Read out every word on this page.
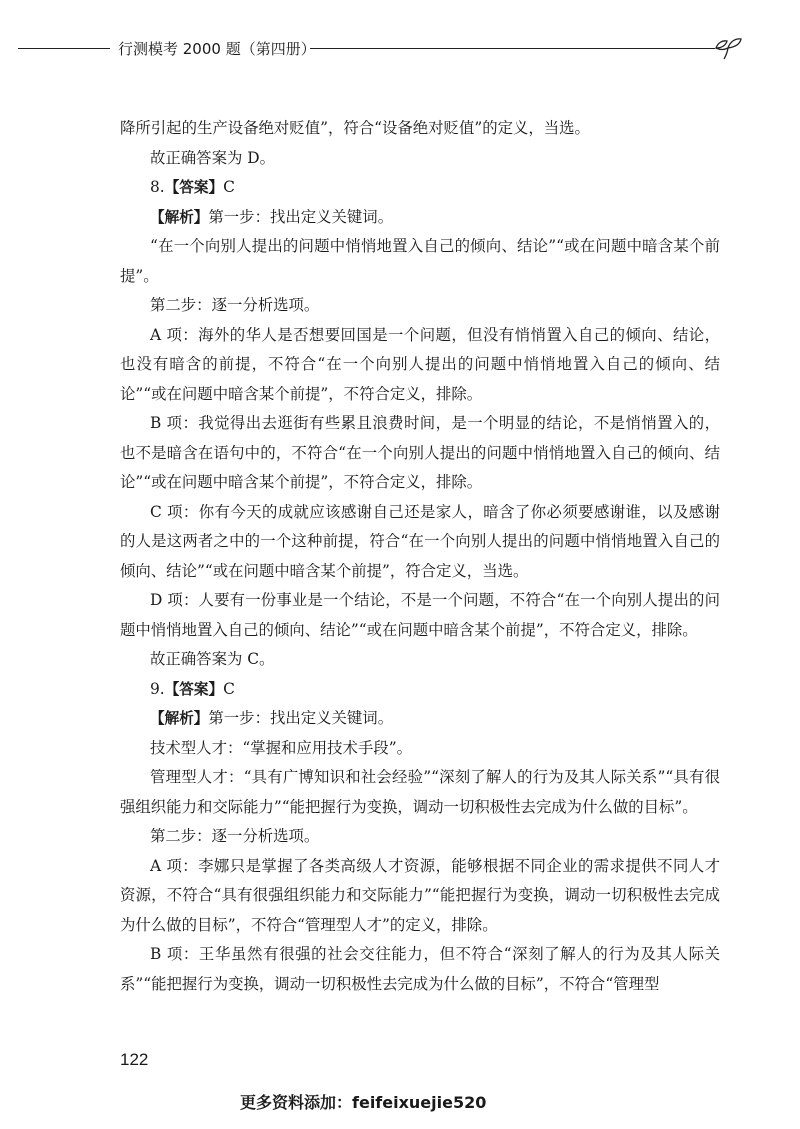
行测模考 2000 题（第四册）

降所引起的生产设备绝对贬值”，符合“设备绝对贬值”的定义，当选。

故正确答案为 D。

8.【答案】C

【解析】第一步：找出定义关键词。

“在一个向别人提出的问题中悄悄地置入自己的倾向、结论”“或在问题中暗含某个前提”。

第二步：逐一分析选项。

A 项：海外的华人是否想要回国是一个问题，但没有悄悄置入自己的倾向、结论，也没有暗含的前提，不符合“在一个向别人提出的问题中悄悄地置入自己的倾向、结论”“或在问题中暗含某个前提”，不符合定义，排除。

B 项：我觉得出去逛街有些累且浪费时间，是一个明显的结论，不是悄悄置入的，也不是暗含在语句中的，不符合“在一个向别人提出的问题中悄悄地置入自己的倾向、结论”“或在问题中暗含某个前提”，不符合定义，排除。

C 项：你有今天的成就应该感谢自己还是家人，暗含了你必须要感谢谁，以及感谢的人是这两者之中的一个这种前提，符合“在一个向别人提出的问题中悄悄地置入自己的倾向、结论”“或在问题中暗含某个前提”，符合定义，当选。

D 项：人要有一份事业是一个结论，不是一个问题，不符合“在一个向别人提出的问题中悄悄地置入自己的倾向、结论”“或在问题中暗含某个前提”，不符合定义，排除。

故正确答案为 C。

9.【答案】C

【解析】第一步：找出定义关键词。

技术型人才：“掌握和应用技术手段”。

管理型人才：“具有广博知识和社会经验”“深刻了解人的行为及其人际关系”“具有很强组织能力和交际能力”“能把握行为变换，调动一切积极性去完成为什么做的目标”。

第二步：逐一分析选项。

A 项：李娜只是掌握了各类高级人才资源，能够根据不同企业的需求提供不同人才资源，不符合“具有很强组织能力和交际能力”“能把握行为变换，调动一切积极性去完成为什么做的目标”，不符合“管理型人才”的定义，排除。

B 项：王华虽然有很强的社会交往能力，但不符合“深刻了解人的行为及其人际关系”“能把握行为变换，调动一切积极性去完成为什么做的目标”，不符合“管理型

122
更多资料添加：feifeixuejie520
